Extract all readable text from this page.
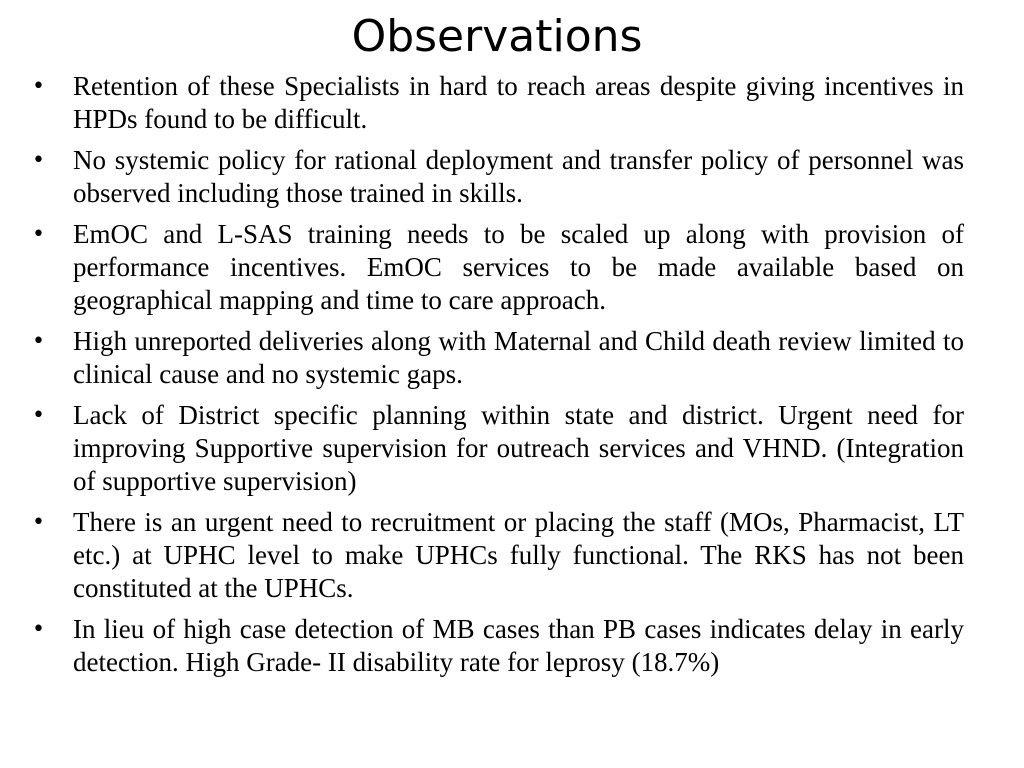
Observations
• Retention of these Specialists in hard to reach areas despite giving incentives in HPDs found to be difficult.
• No systemic policy for rational deployment and transfer policy of personnel was observed including those trained in skills.
• EmOC and L-SAS training needs to be scaled up along with provision of performance incentives. EmOC services to be made available based on geographical mapping and time to care approach.
• High unreported deliveries along with Maternal and Child death review limited to clinical cause and no systemic gaps.
• Lack of District specific planning within state and district. Urgent need for improving Supportive supervision for outreach services and VHND. (Integration of supportive supervision)
• There is an urgent need to recruitment or placing the staff (MOs, Pharmacist, LT etc.) at UPHC level to make UPHCs fully functional. The RKS has not been constituted at the UPHCs.
• In lieu of high case detection of MB cases than PB cases indicates delay in early detection. High Grade- II disability rate for leprosy (18.7%)
